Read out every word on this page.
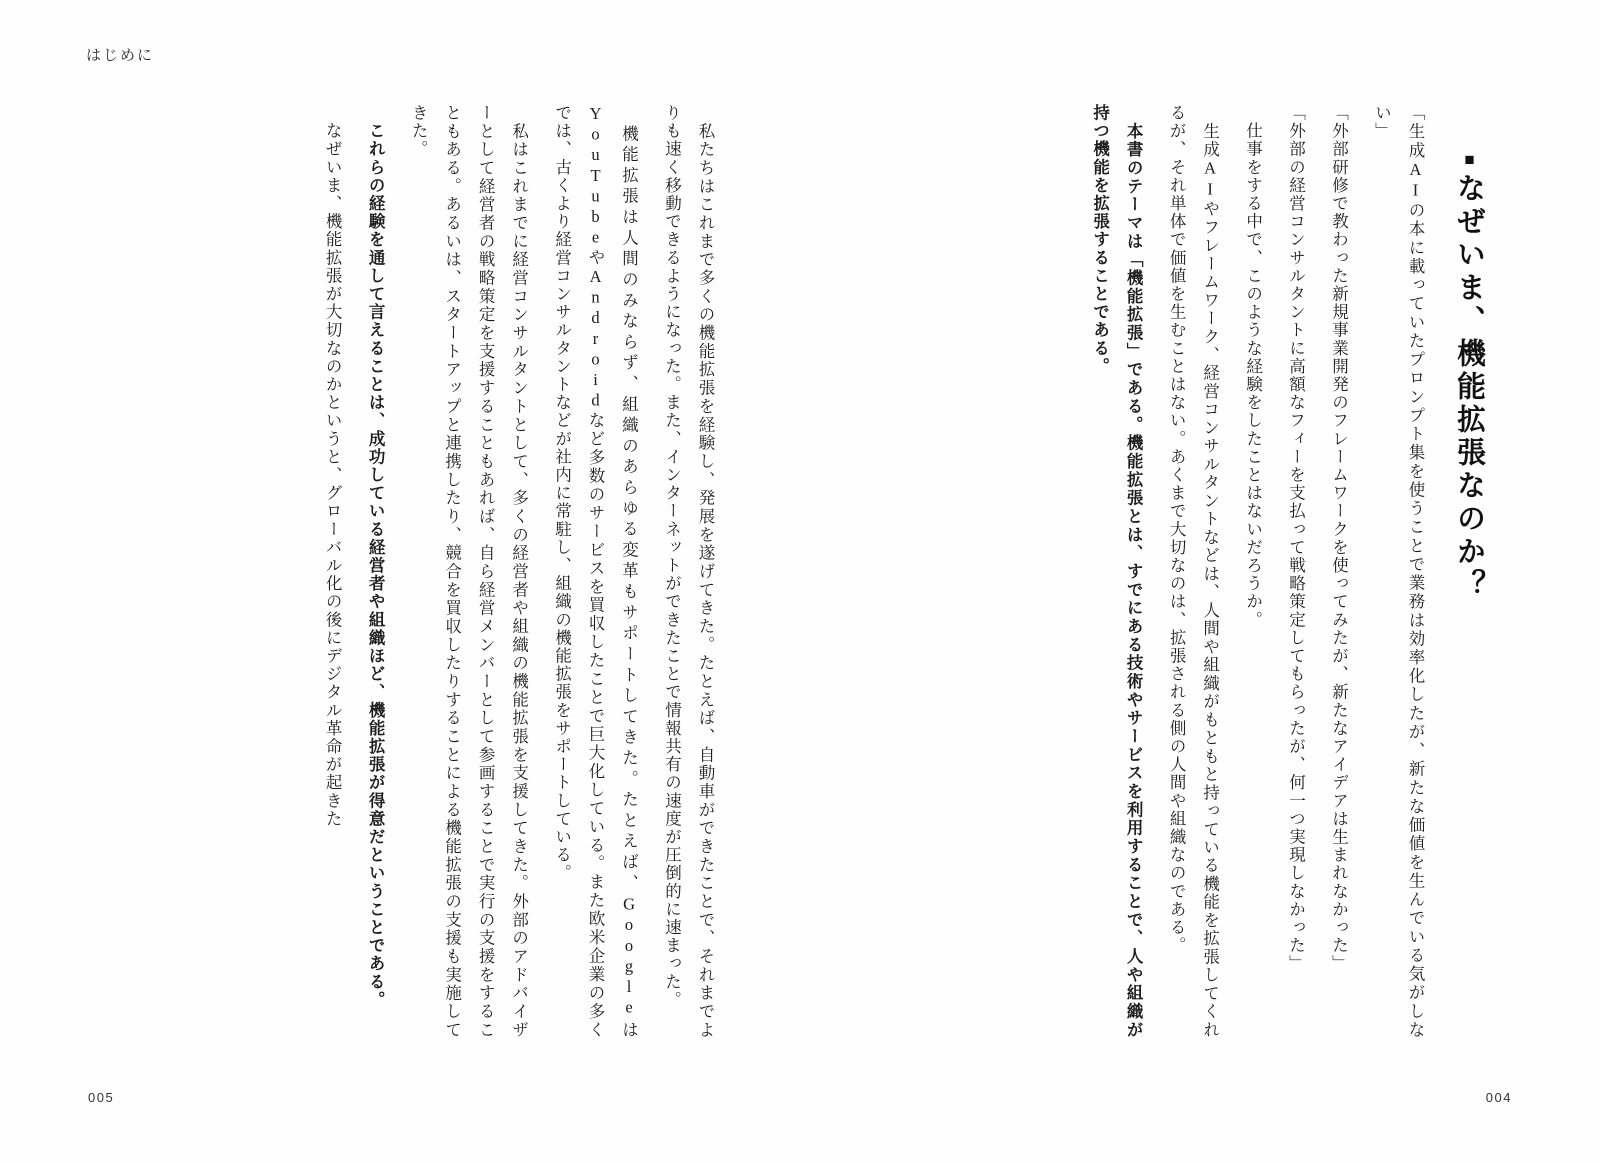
■なぜいま、機能拡張なのか？
「生成AIの本に載っていたプロンプト集を使うことで業務は効率化したが、新たな価値を生んでいる気がしない」
「外部研修で教わった新規事業開発のフレームワークを使ってみたが、新たなアイデアは生まれなかった」
「外部の経営コンサルタントに高額なフィーを支払って戦略策定してもらったが、何一つ実現しなかった」
　仕事をする中で、このような経験をしたことはないだろうか。
　生成AIやフレームワーク、経営コンサルタントなどは、人間や組織がもともと持っている機能を拡張してくれるが、それ単体で価値を生むことはない。あくまで大切なのは、拡張される側の人間や組織なのである。
　本書のテーマは「機能拡張」である。機能拡張とは、すでにある技術やサービスを利用することで、人や組織が持つ機能を拡張することである。
004
はじめに
　私たちはこれまで多くの機能拡張を経験し、発展を遂げてきた。たとえば、自動車ができたことで、それまでよりも速く移動できるようになった。また、インターネットができたことで情報共有の速度が圧倒的に速まった。
　機能拡張は人間のみならず、組織のあらゆる変革もサポートしてきた。たとえば、GoogleはYouTubeやAndroidなど多数のサービスを買収したことで巨大化している。また欧米企業の多くでは、古くより経営コンサルタントなどが社内に常駐し、組織の機能拡張をサポートしている。
　私はこれまでに経営コンサルタントとして、多くの経営者や組織の機能拡張を支援してきた。外部のアドバイザーとして経営者の戦略策定を支援することもあれば、自ら経営メンバーとして参画することで実行の支援をすることもある。あるいは、スタートアップと連携したり、競合を買収したりすることによる機能拡張の支援も実施してきた。
　これらの経験を通して言えることは、成功している経営者や組織ほど、機能拡張が得意だということである。
　なぜいま、機能拡張が大切なのかというと、グローバル化の後にデジタル革命が起きた
005
